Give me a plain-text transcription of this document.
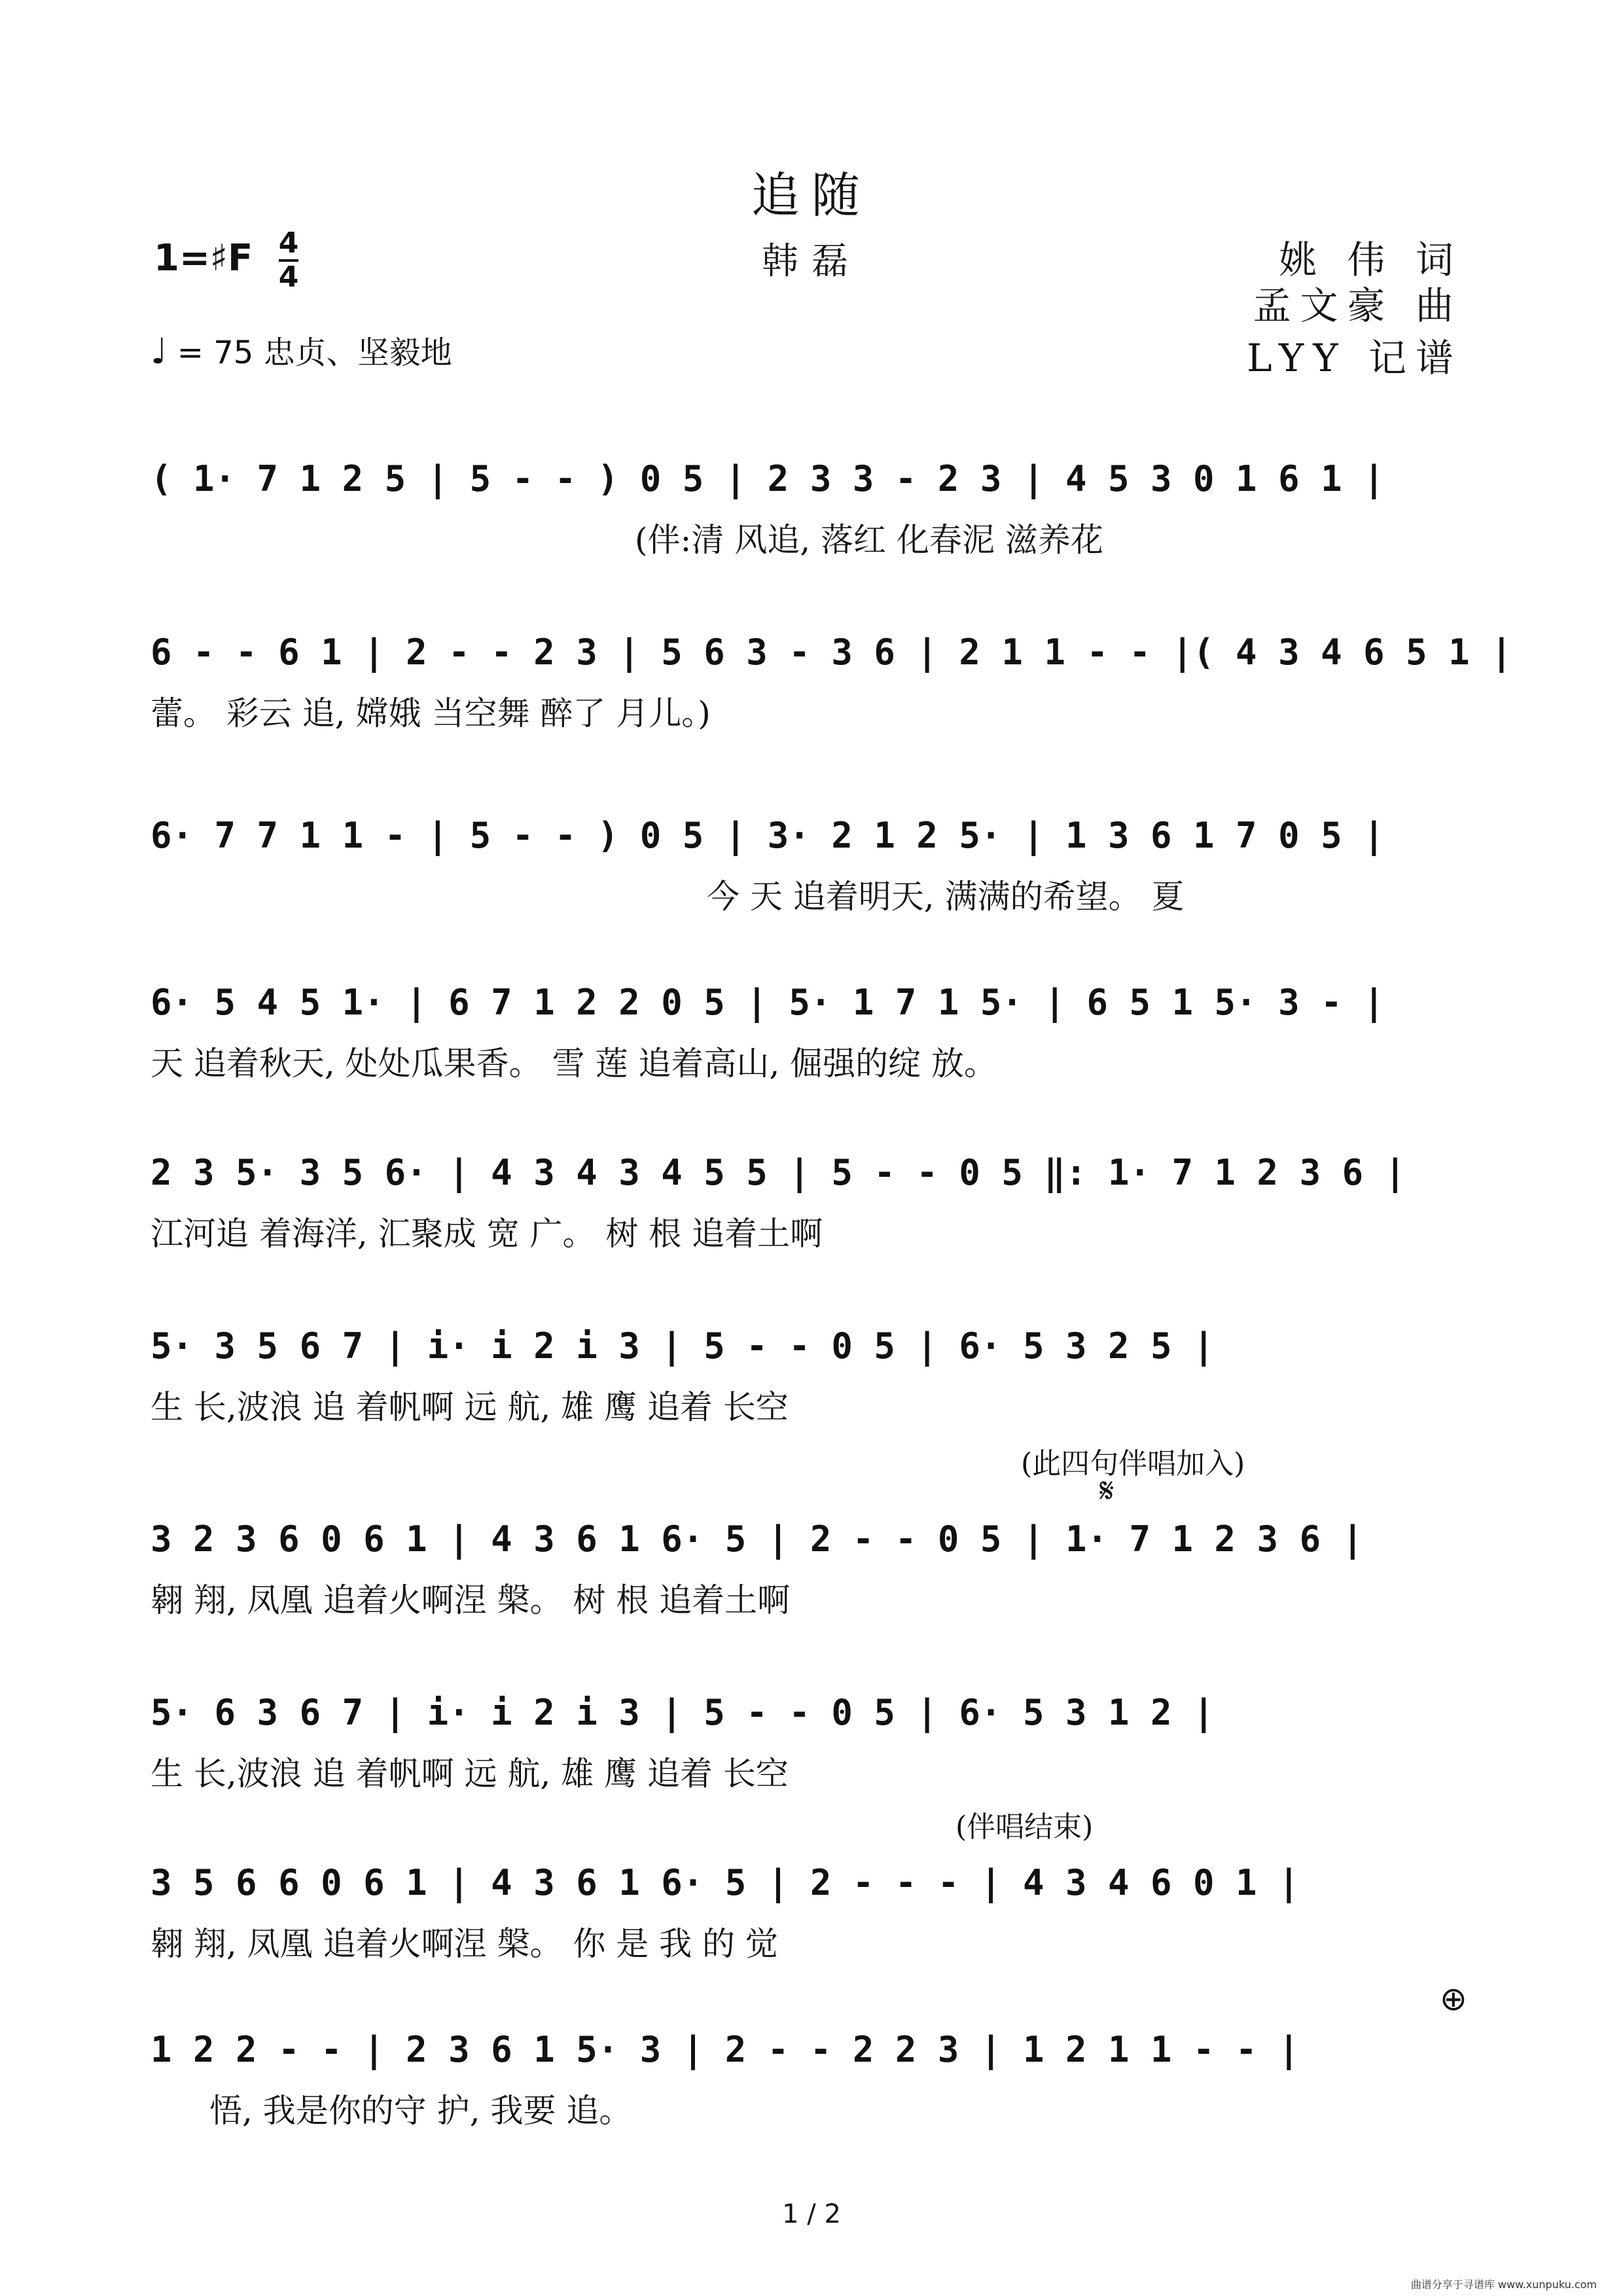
追随
韩磊
1=♯F $\frac{4}{4}$
♩ = 75 忠贞、坚毅地
姚 伟 词
孟文豪 曲
LYY 记谱
( 1· 7 1 2 5 | 5 - - ) 0 5 | 2 3 3 - 2 3 | 4 5 3 0 1 6 1 |
(伴:清 风追, 落红 化春泥 滋养花
6 - - 6 1 | 2 - - 2 3 | 5 6 3 - 3 6 | 2 1 1 - - |( 4 3 4 6 5 1 |
蕾。 彩云 追, 嫦娥 当空舞 醉了 月儿。)
6· 7 7 1 1 - | 5 - - ) 0 5 | 3· 2 1 2 5· | 1 3 6 1 7 0 5 |
今 天 追着明天, 满满的希望。 夏
6· 5 4 5 1· | 6 7 1 2 2 0 5 | 5· 1 7 1 5· | 6 5 1 5· 3 - |
天 追着秋天, 处处瓜果香。 雪 莲 追着高山, 倔强的绽 放。
2 3 5· 3 5 6· | 4 3 4 3 4 5 5 | 5 - - 0 5 ‖: 1· 7 1 2 3 6 |
江河追 着海洋, 汇聚成 宽 广。 树 根 追着土啊
5· 3 5 6 7 | i· i 2 i 3 | 5 - - 0 5 | 6· 5 3 2 5 |
生 长,波浪 追 着帆啊 远 航, 雄 鹰 追着 长空
(此四句伴唱加入)
𝄋
3 2 3 6 0 6 1 | 4 3 6 1 6· 5 | 2 - - 0 5 | 1· 7 1 2 3 6 |
翱 翔, 凤凰 追着火啊涅 槃。 树 根 追着土啊
5· 6 3 6 7 | i· i 2 i 3 | 5 - - 0 5 | 6· 5 3 1 2 |
生 长,波浪 追 着帆啊 远 航, 雄 鹰 追着 长空
(伴唱结束)
3 5 6 6 0 6 1 | 4 3 6 1 6· 5 | 2 - - - | 4 3 4 6 0 1 |
翱 翔, 凤凰 追着火啊涅 槃。 你 是 我 的 觉
⊕
1 2 2 - - | 2 3 6 1 5· 3 | 2 - - 2 2 3 | 1 2 1 1 - - |
悟, 我是你的守 护, 我要 追。
1 / 2
曲谱分享于寻谱库 www.xunpuku.com
